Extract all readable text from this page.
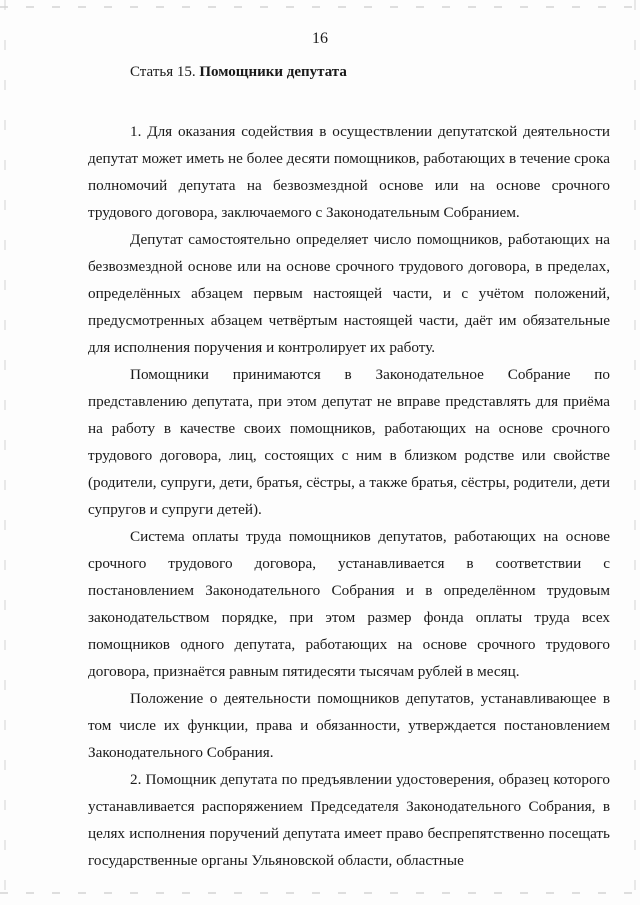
16
Статья 15. Помощники депутата

1. Для оказания содействия в осуществлении депутатской деятельности депутат может иметь не более десяти помощников, работающих в течение срока полномочий депутата на безвозмездной основе или на основе срочного трудового договора, заключаемого с Законодательным Собранием.

Депутат самостоятельно определяет число помощников, работающих на безвозмездной основе или на основе срочного трудового договора, в пределах, определённых абзацем первым настоящей части, и с учётом положений, предусмотренных абзацем четвёртым настоящей части, даёт им обязательные для исполнения поручения и контролирует их работу.

Помощники принимаются в Законодательное Собрание по представлению депутата, при этом депутат не вправе представлять для приёма на работу в качестве своих помощников, работающих на основе срочного трудового договора, лиц, состоящих с ним в близком родстве или свойстве (родители, супруги, дети, братья, сёстры, а также братья, сёстры, родители, дети супругов и супруги детей).

Система оплаты труда помощников депутатов, работающих на основе срочного трудового договора, устанавливается в соответствии с постановлением Законодательного Собрания и в определённом трудовым законодательством порядке, при этом размер фонда оплаты труда всех помощников одного депутата, работающих на основе срочного трудового договора, признаётся равным пятидесяти тысячам рублей в месяц.

Положение о деятельности помощников депутатов, устанавливающее в том числе их функции, права и обязанности, утверждается постановлением Законодательного Собрания.

2. Помощник депутата по предъявлении удостоверения, образец которого устанавливается распоряжением Председателя Законодательного Собрания, в целях исполнения поручений депутата имеет право беспрепятственно посещать государственные органы Ульяновской области, областные
